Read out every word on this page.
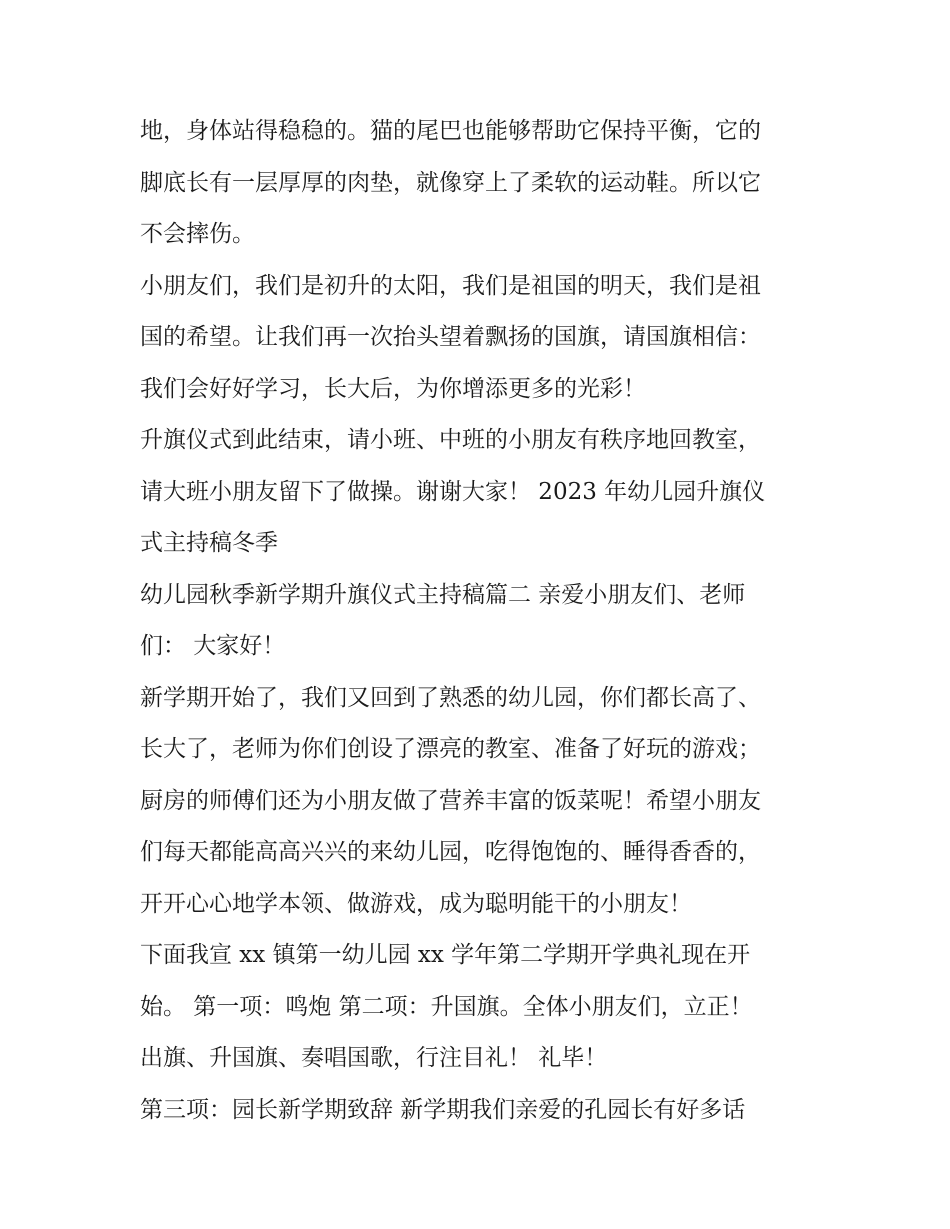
地，身体站得稳稳的。猫的尾巴也能够帮助它保持平衡，它的
脚底长有一层厚厚的肉垫，就像穿上了柔软的运动鞋。所以它
不会摔伤。
小朋友们，我们是初升的太阳，我们是祖国的明天，我们是祖
国的希望。让我们再一次抬头望着飘扬的国旗，请国旗相信：
我们会好好学习，长大后，为你增添更多的光彩！
升旗仪式到此结束，请小班、中班的小朋友有秩序地回教室，
请大班小朋友留下了做操。谢谢大家！ 2023 年幼儿园升旗仪
式主持稿冬季
幼儿园秋季新学期升旗仪式主持稿篇二 亲爱小朋友们、老师
们： 大家好！
新学期开始了，我们又回到了熟悉的幼儿园，你们都长高了、
长大了，老师为你们创设了漂亮的教室、准备了好玩的游戏；
厨房的师傅们还为小朋友做了营养丰富的饭菜呢！希望小朋友
们每天都能高高兴兴的来幼儿园，吃得饱饱的、睡得香香的，
开开心心地学本领、做游戏，成为聪明能干的小朋友！
下面我宣 xx 镇第一幼儿园 xx 学年第二学期开学典礼现在开
始。 第一项：鸣炮 第二项：升国旗。全体小朋友们，立正！
出旗、升国旗、奏唱国歌，行注目礼！ 礼毕！
第三项：园长新学期致辞 新学期我们亲爱的孔园长有好多话
